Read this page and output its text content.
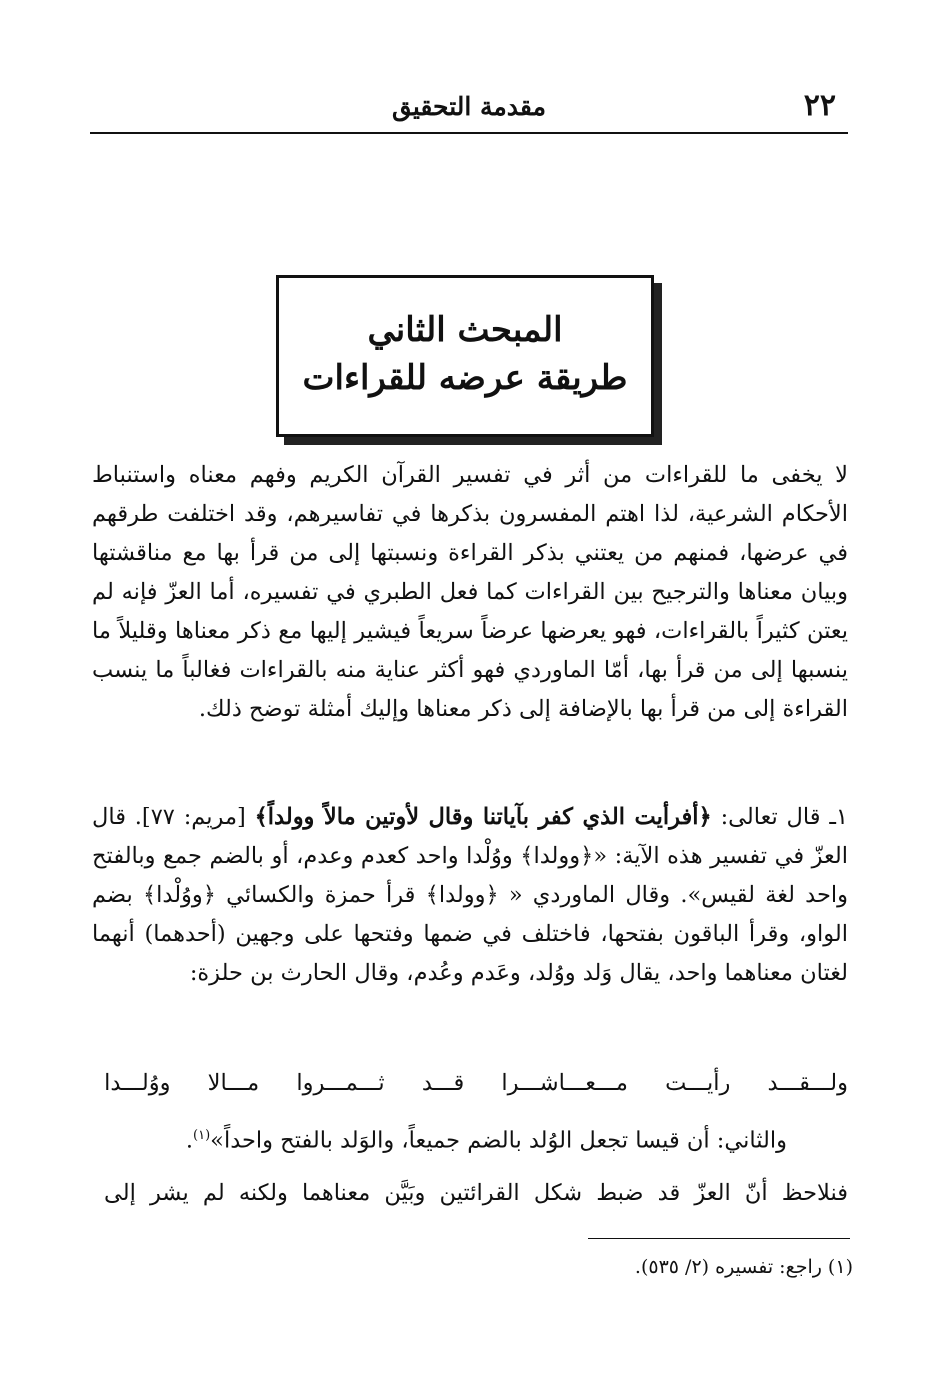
٢٢
مقدمة التحقيق
المبحث الثاني
طريقة عرضه للقراءات
لا يخفى ما للقراءات من أثر في تفسير القرآن الكريم وفهم معناه واستنباط الأحكام الشرعية، لذا اهتم المفسرون بذكرها في تفاسيرهم، وقد اختلفت طرقهم في عرضها، فمنهم من يعتني بذكر القراءة ونسبتها إلى من قرأ بها مع مناقشتها وبيان معناها والترجيح بين القراءات كما فعل الطبري في تفسيره، أما العزّ فإنه لم يعتن كثيراً بالقراءات، فهو يعرضها عرضاً سريعاً فيشير إليها مع ذكر معناها وقليلاً ما ينسبها إلى من قرأ بها، أمّا الماوردي فهو أكثر عناية منه بالقراءات فغالباً ما ينسب القراءة إلى من قرأ بها بالإضافة إلى ذكر معناها وإليك أمثلة توضح ذلك.
١ـ قال تعالى: ﴿أفرأيت الذي كفر بآياتنا وقال لأوتين مالاً وولداً﴾ [مريم: ٧٧]. قال العزّ في تفسير هذه الآية: «﴿وولدا﴾ ووُلْدا واحد كعدم وعدم، أو بالضم جمع وبالفتح واحد لغة لقيس». وقال الماوردي « ﴿وولدا﴾ قرأ حمزة والكسائي ﴿ووُلْدا﴾ بضم الواو، وقرأ الباقون بفتحها، فاختلف في ضمها وفتحها على وجهين (أحدهما) أنهما لغتان معناهما واحد، يقال وَلد ووُلد، وعَدم وعُدم، وقال الحارث بن حلزة:
ولـــقـــد
رأيـــت
مـــعـــاشـــرا
قـــد
ثـــمـــروا
مـــالا
ووُلـــدا
والثاني: أن قيسا تجعل الوُلد بالضم جميعاً، والوَلد بالفتح واحداً»$^{(١)}$.
فنلاحظ أنّ العزّ قد ضبط شكل القرائتين وبَيَّن معناهما ولكنه لم يشر إلى
(١) راجع: تفسيره (٢/ ٥٣٥).
